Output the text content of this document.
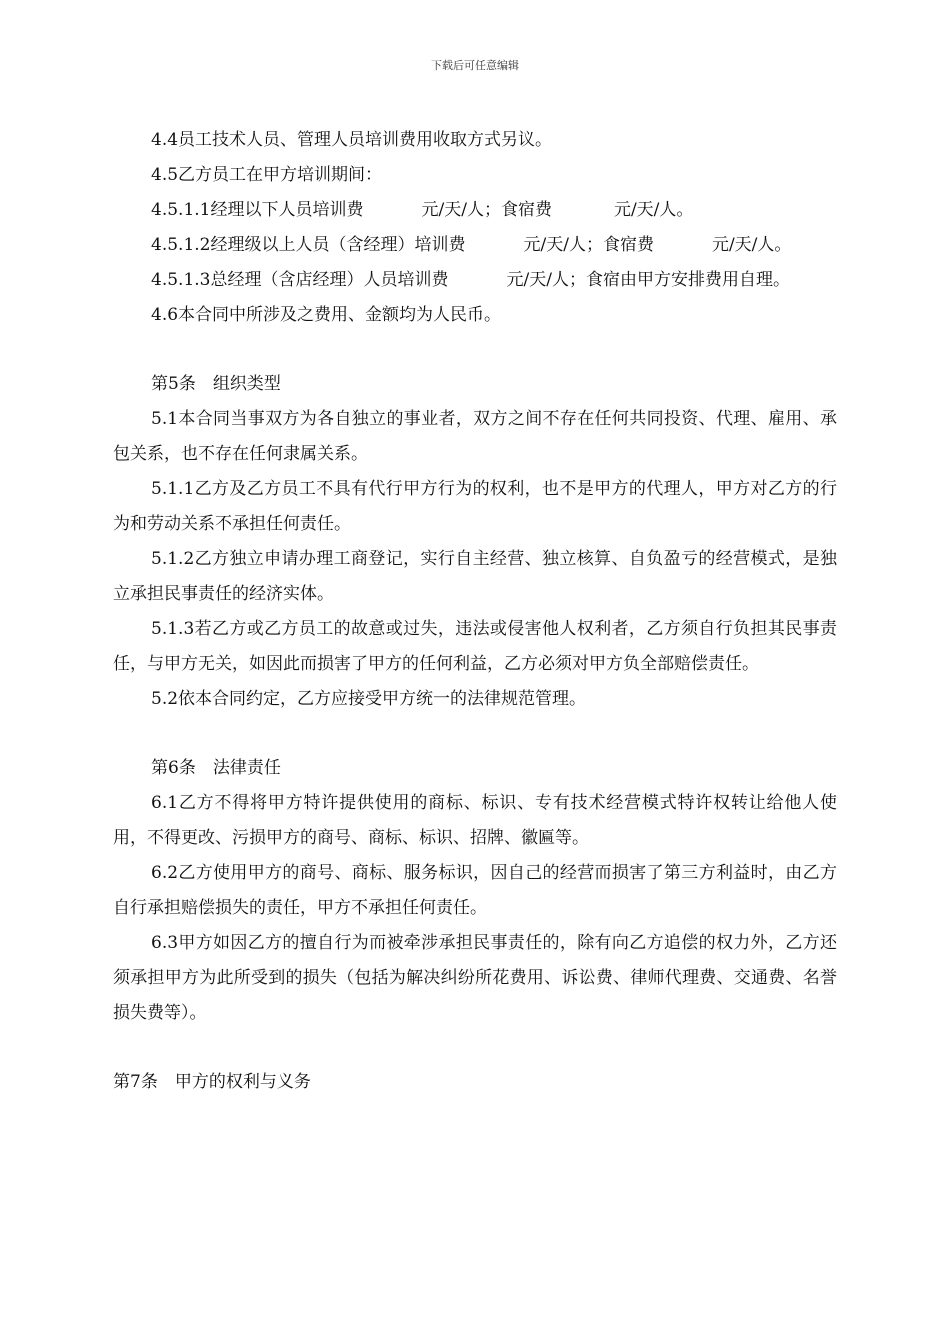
下载后可任意编辑

4.4员工技术人员、管理人员培训费用收取方式另议。

4.5乙方员工在甲方培训期间：

4.5.1.1经理以下人员培训费	元/天/人；食宿费	元/天/人。

4.5.1.2经理级以上人员（含经理）培训费	元/天/人；食宿费	元/天/人。

4.5.1.3总经理（含店经理）人员培训费	元/天/人；食宿由甲方安排费用自理。

4.6本合同中所涉及之费用、金额均为人民币。

第5条　组织类型

5.1本合同当事双方为各自独立的事业者，双方之间不存在任何共同投资、代理、雇用、承包关系，也不存在任何隶属关系。

5.1.1乙方及乙方员工不具有代行甲方行为的权利，也不是甲方的代理人，甲方对乙方的行为和劳动关系不承担任何责任。

5.1.2乙方独立申请办理工商登记，实行自主经营、独立核算、自负盈亏的经营模式，是独立承担民事责任的经济实体。

5.1.3若乙方或乙方员工的故意或过失，违法或侵害他人权利者，乙方须自行负担其民事责任，与甲方无关，如因此而损害了甲方的任何利益，乙方必须对甲方负全部赔偿责任。

5.2依本合同约定，乙方应接受甲方统一的法律规范管理。

第6条　法律责任

6.1乙方不得将甲方特许提供使用的商标、标识、专有技术经营模式特许权转让给他人使用，不得更改、污损甲方的商号、商标、标识、招牌、徽匾等。

6.2乙方使用甲方的商号、商标、服务标识，因自己的经营而损害了第三方利益时，由乙方自行承担赔偿损失的责任，甲方不承担任何责任。

6.3甲方如因乙方的擅自行为而被牵涉承担民事责任的，除有向乙方追偿的权力外，乙方还须承担甲方为此所受到的损失（包括为解决纠纷所花费用、诉讼费、律师代理费、交通费、名誉损失费等）。

第7条　甲方的权利与义务
